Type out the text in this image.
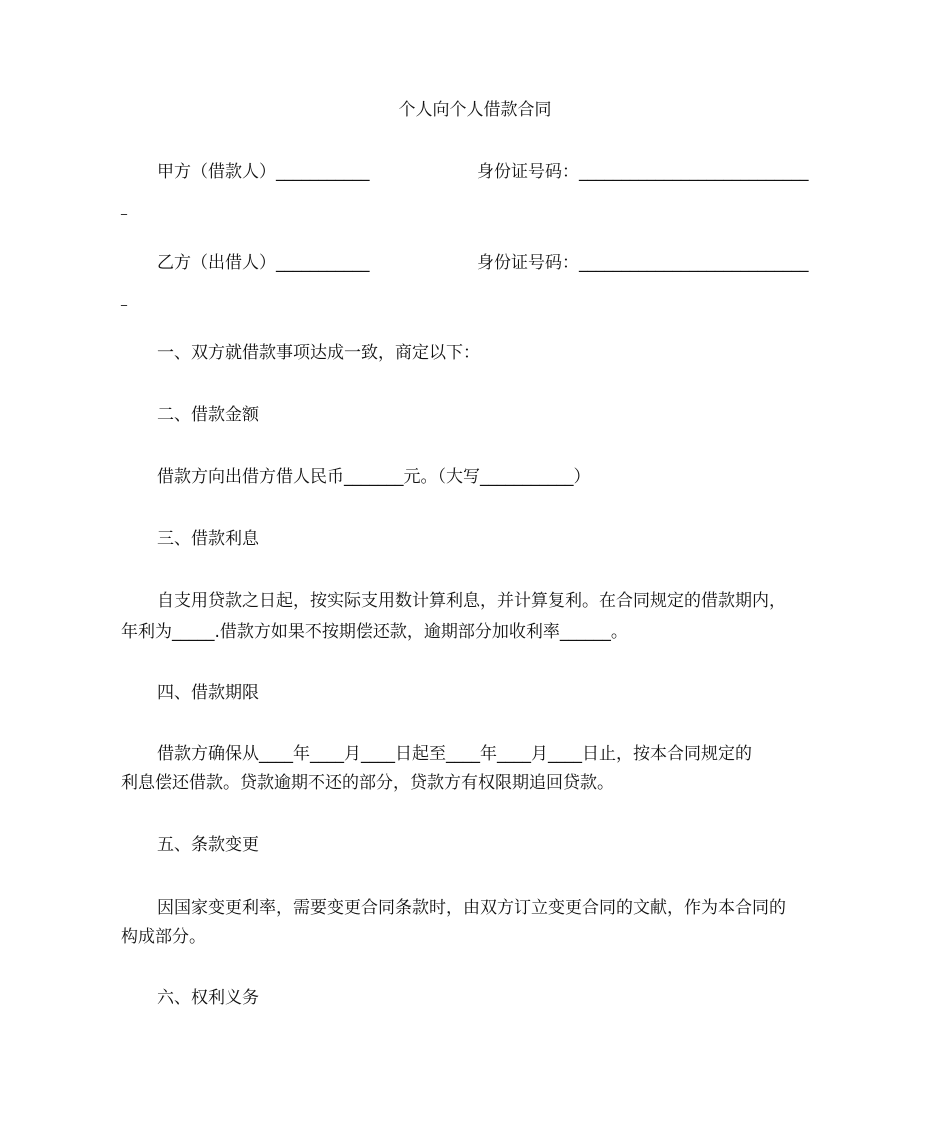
个人向个人借款合同
甲方（借款人）___________	身份证号码：___________________________
_
乙方（出借人）___________	身份证号码：___________________________
_
一、双方就借款事项达成一致，商定以下：
二、借款金额
借款方向出借方借人民币_______元。（大写___________）
三、借款利息
自支用贷款之日起，按实际支用数计算利息，并计算复利。在合同规定的借款期内，
年利为_____.借款方如果不按期偿还款，逾期部分加收利率______。
四、借款期限
借款方确保从____年____月____日起至____年____月____日止，按本合同规定的
利息偿还借款。贷款逾期不还的部分，贷款方有权限期追回贷款。
五、条款变更
因国家变更利率，需要变更合同条款时，由双方订立变更合同的文献，作为本合同的
构成部分。
六、权利义务
